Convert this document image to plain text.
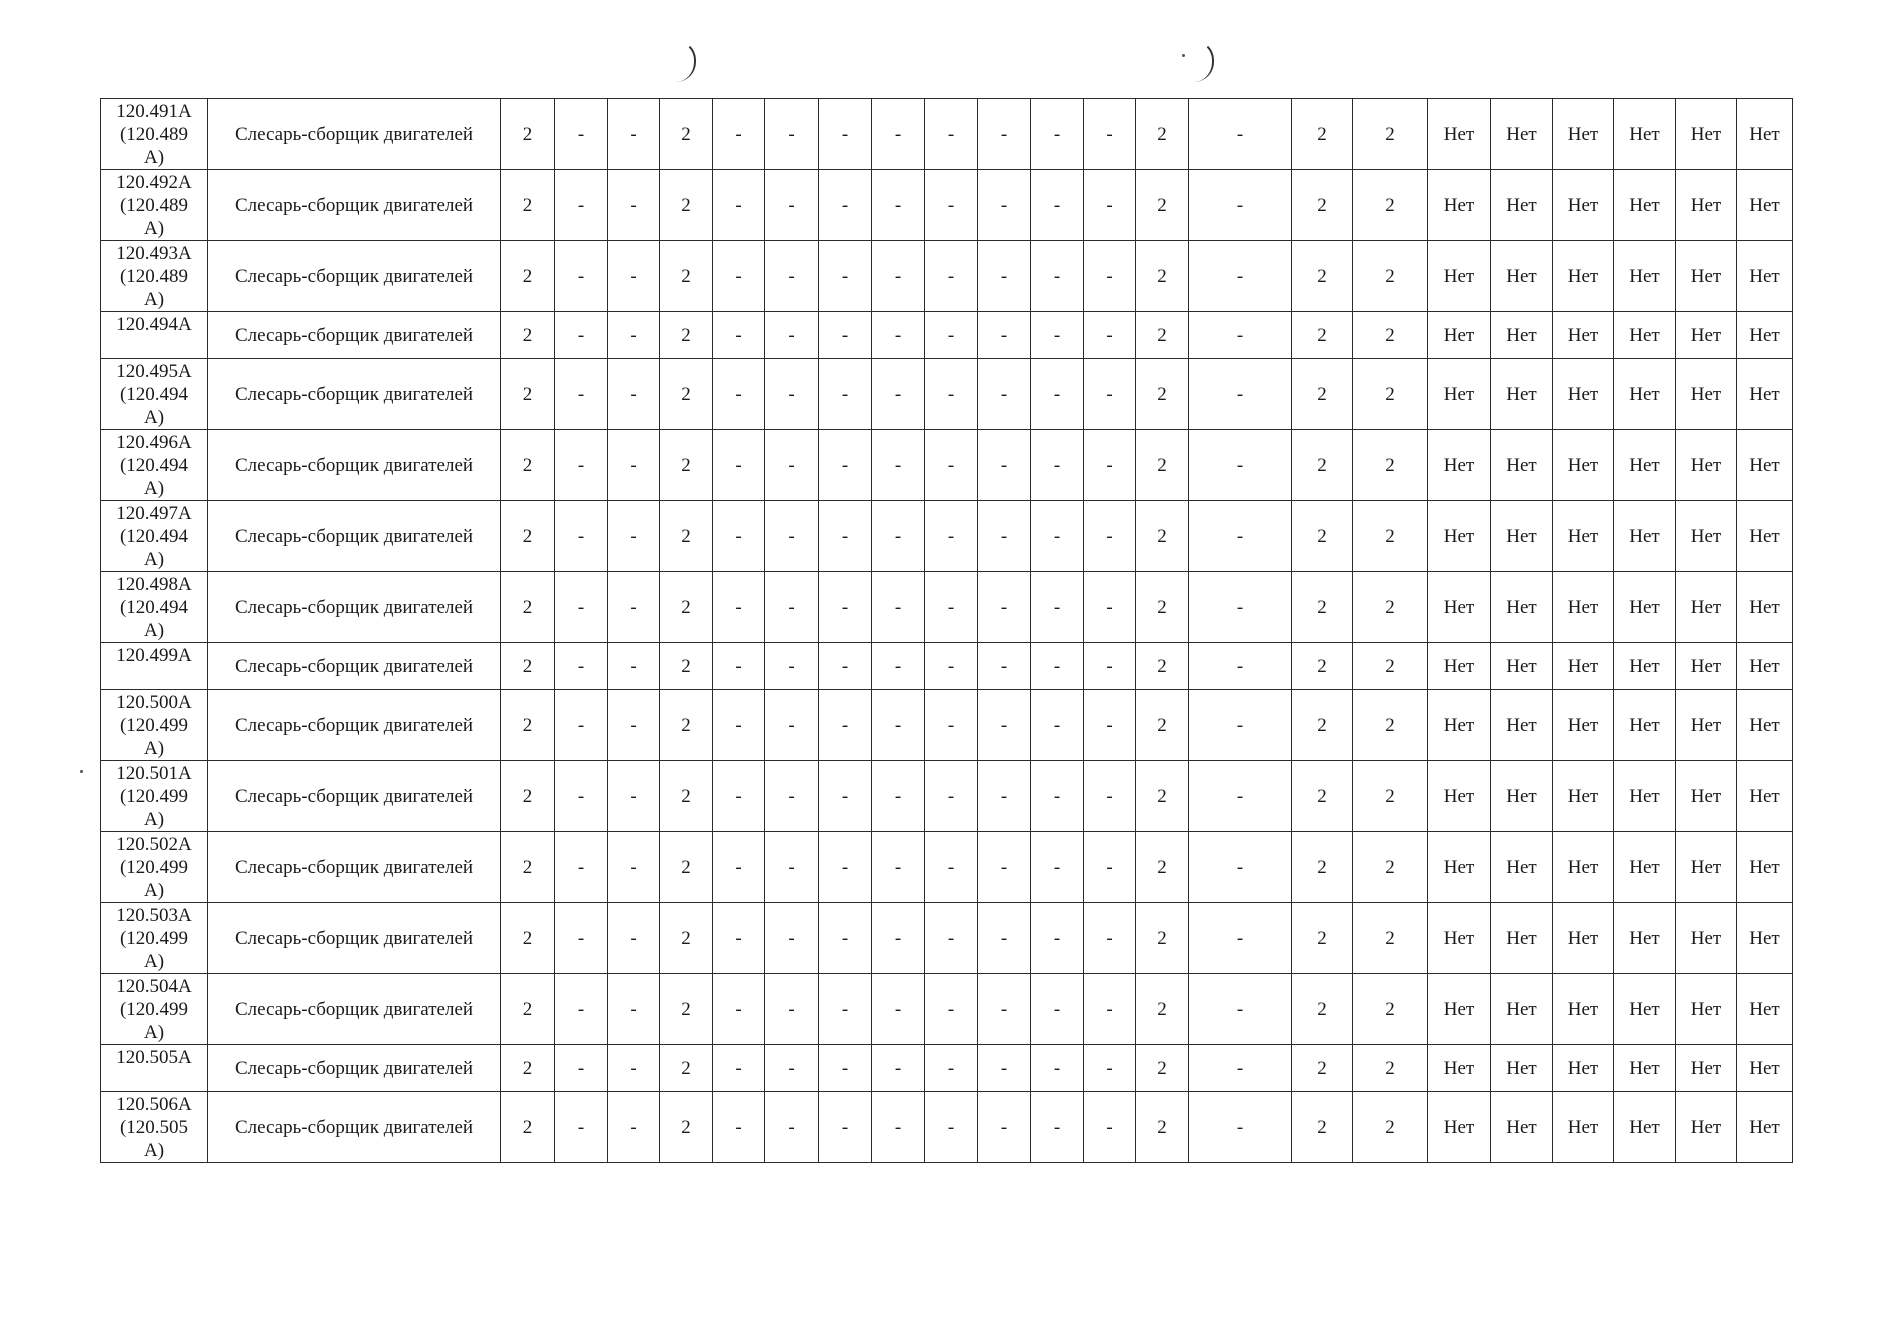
120.491А
(120.489
А)	Слесарь-сборщик двигателей	2	-	-	2	-	-	-	-	-	-	-	-	2	-	2	2	Нет	Нет	Нет	Нет	Нет	Нет
120.492А
(120.489
А)	Слесарь-сборщик двигателей	2	-	-	2	-	-	-	-	-	-	-	-	2	-	2	2	Нет	Нет	Нет	Нет	Нет	Нет
120.493А
(120.489
А)	Слесарь-сборщик двигателей	2	-	-	2	-	-	-	-	-	-	-	-	2	-	2	2	Нет	Нет	Нет	Нет	Нет	Нет
120.494А	Слесарь-сборщик двигателей	2	-	-	2	-	-	-	-	-	-	-	-	2	-	2	2	Нет	Нет	Нет	Нет	Нет	Нет
120.495А
(120.494
А)	Слесарь-сборщик двигателей	2	-	-	2	-	-	-	-	-	-	-	-	2	-	2	2	Нет	Нет	Нет	Нет	Нет	Нет
120.496А
(120.494
А)	Слесарь-сборщик двигателей	2	-	-	2	-	-	-	-	-	-	-	-	2	-	2	2	Нет	Нет	Нет	Нет	Нет	Нет
120.497А
(120.494
А)	Слесарь-сборщик двигателей	2	-	-	2	-	-	-	-	-	-	-	-	2	-	2	2	Нет	Нет	Нет	Нет	Нет	Нет
120.498А
(120.494
А)	Слесарь-сборщик двигателей	2	-	-	2	-	-	-	-	-	-	-	-	2	-	2	2	Нет	Нет	Нет	Нет	Нет	Нет
120.499А	Слесарь-сборщик двигателей	2	-	-	2	-	-	-	-	-	-	-	-	2	-	2	2	Нет	Нет	Нет	Нет	Нет	Нет
120.500А
(120.499
А)	Слесарь-сборщик двигателей	2	-	-	2	-	-	-	-	-	-	-	-	2	-	2	2	Нет	Нет	Нет	Нет	Нет	Нет
120.501А
(120.499
А)	Слесарь-сборщик двигателей	2	-	-	2	-	-	-	-	-	-	-	-	2	-	2	2	Нет	Нет	Нет	Нет	Нет	Нет
120.502А
(120.499
А)	Слесарь-сборщик двигателей	2	-	-	2	-	-	-	-	-	-	-	-	2	-	2	2	Нет	Нет	Нет	Нет	Нет	Нет
120.503А
(120.499
А)	Слесарь-сборщик двигателей	2	-	-	2	-	-	-	-	-	-	-	-	2	-	2	2	Нет	Нет	Нет	Нет	Нет	Нет
120.504А
(120.499
А)	Слесарь-сборщик двигателей	2	-	-	2	-	-	-	-	-	-	-	-	2	-	2	2	Нет	Нет	Нет	Нет	Нет	Нет
120.505А	Слесарь-сборщик двигателей	2	-	-	2	-	-	-	-	-	-	-	-	2	-	2	2	Нет	Нет	Нет	Нет	Нет	Нет
120.506А
(120.505
А)	Слесарь-сборщик двигателей	2	-	-	2	-	-	-	-	-	-	-	-	2	-	2	2	Нет	Нет	Нет	Нет	Нет	Нет
